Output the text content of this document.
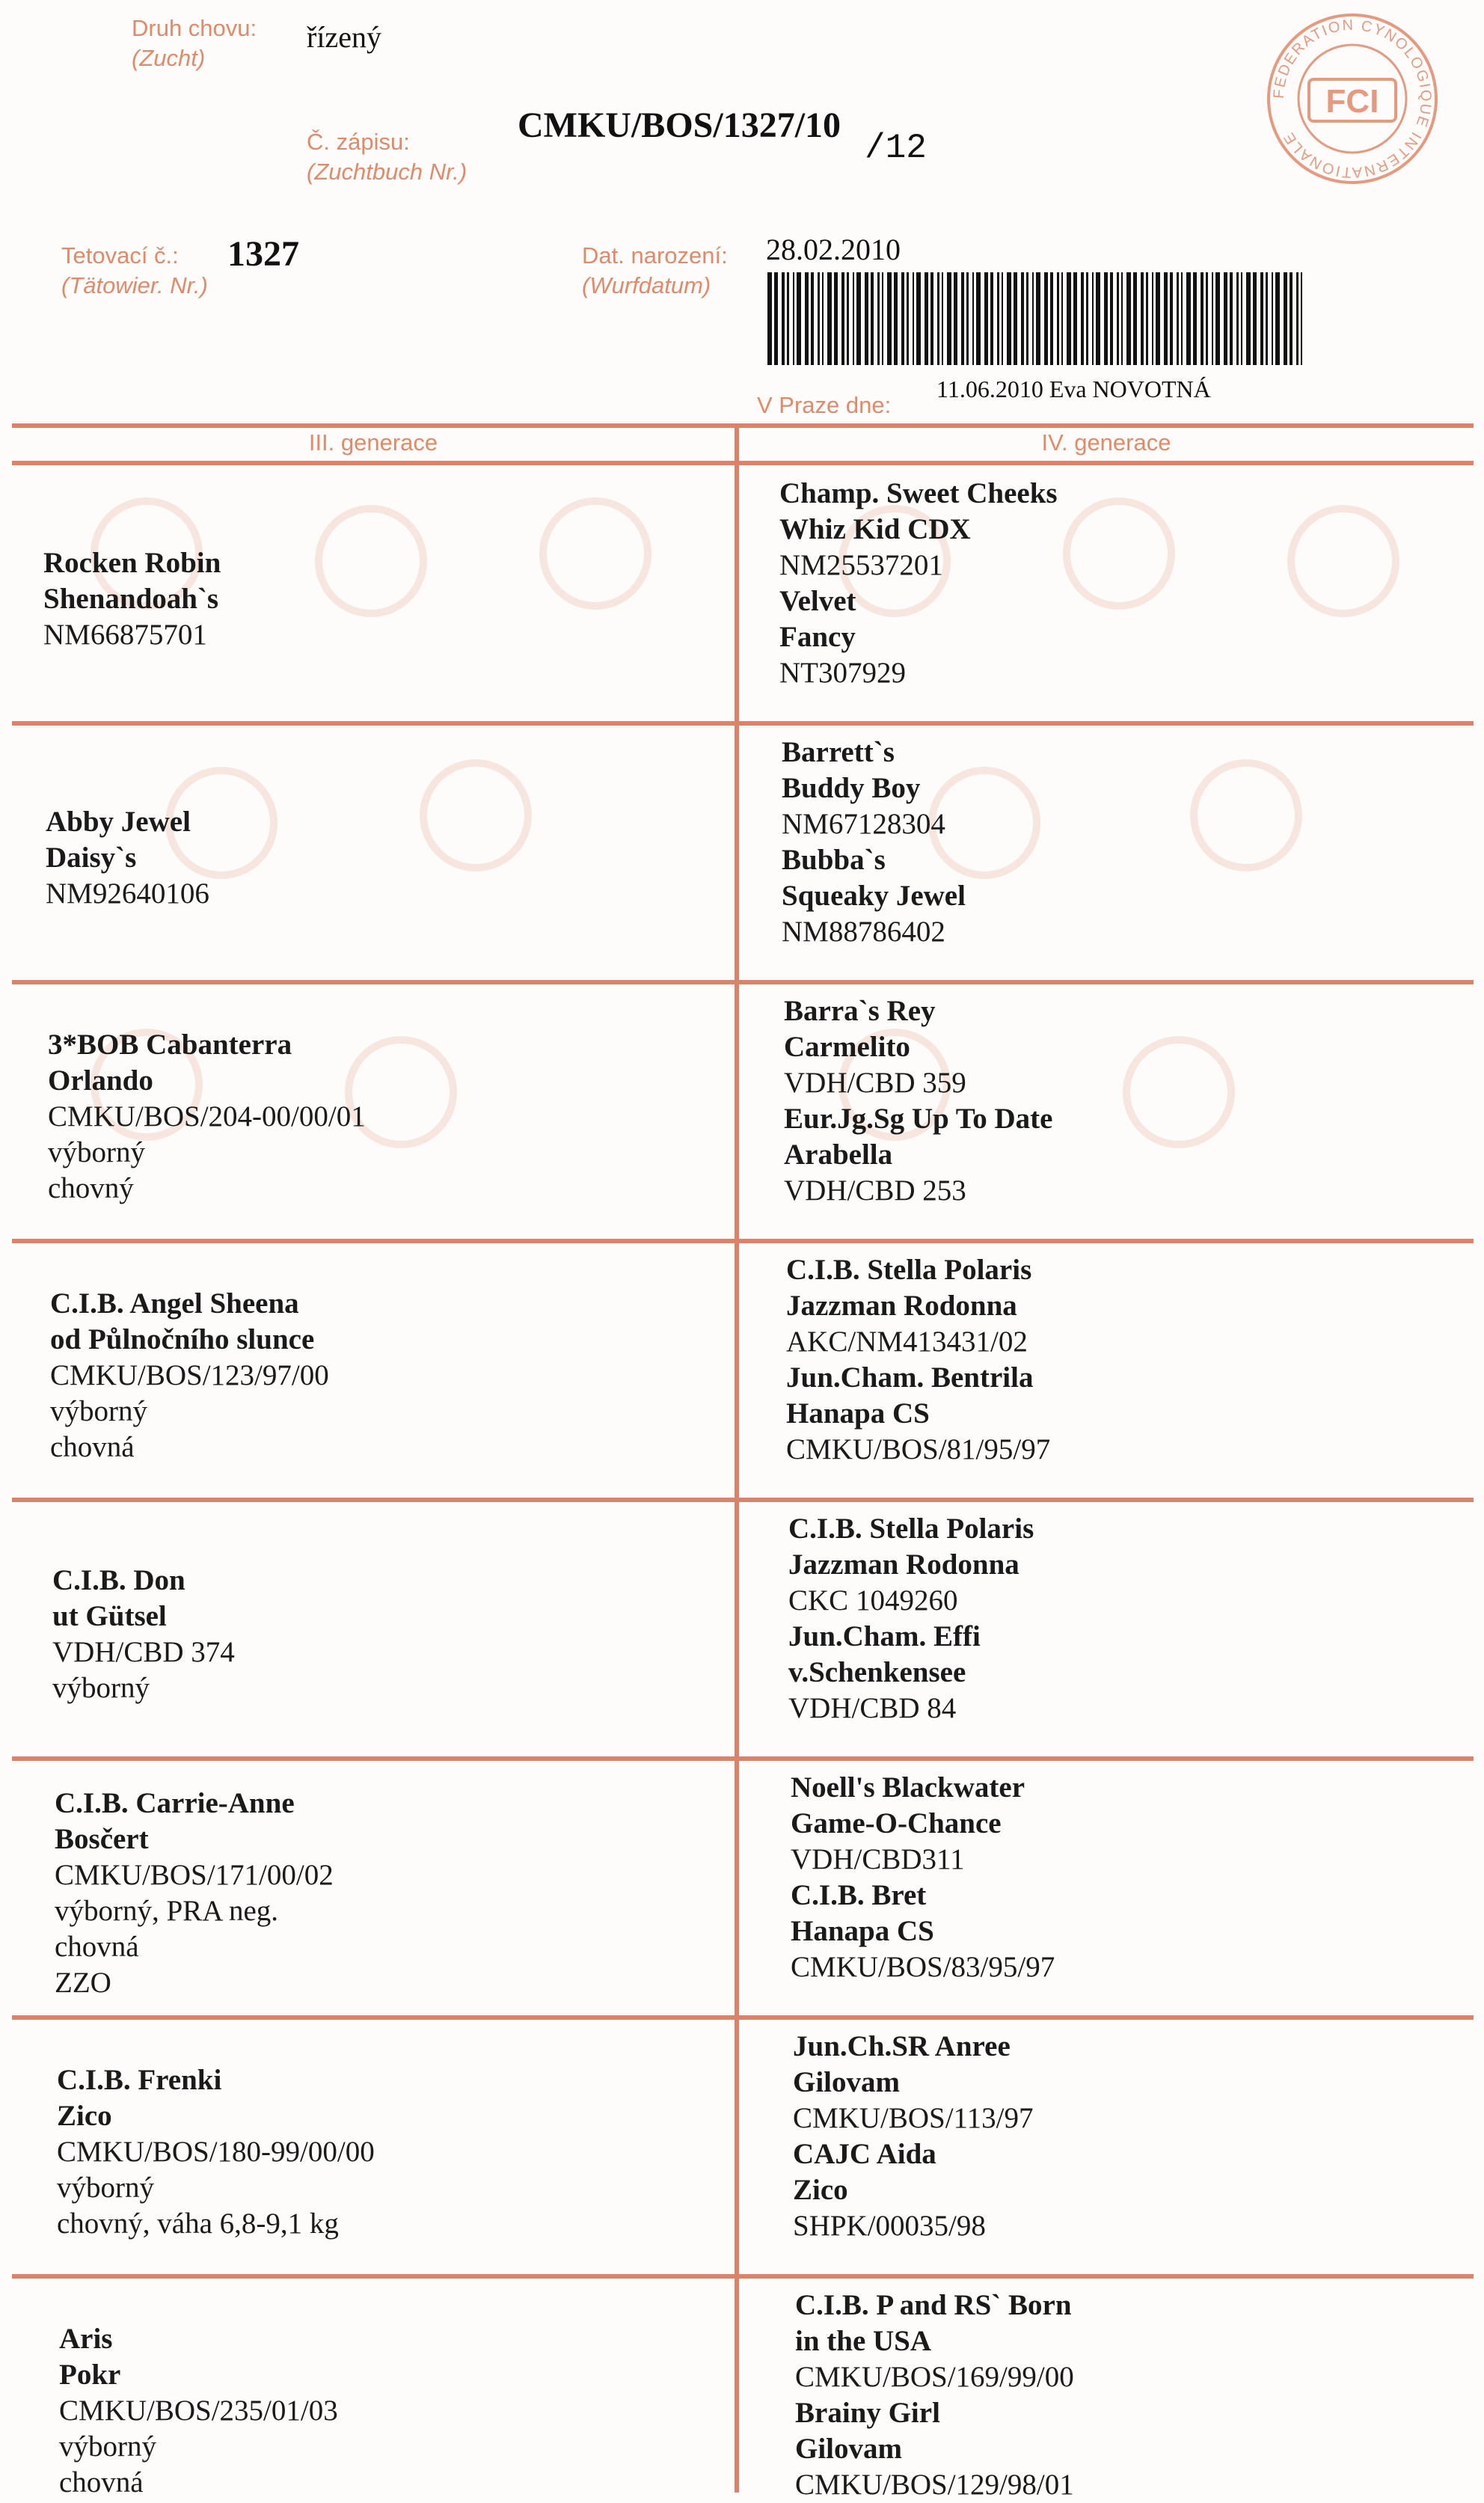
Druh chovu:
(Zucht)
řízený
Č. zápisu:
(Zuchtbuch Nr.)
CMKU/BOS/1327/10
/12
Tetovací č.:
(Tätowier. Nr.)
1327	Dat. narození:
(Wurfdatum)
28.02.2010
V Praze dne:
11.06.2010 Eva NOVOTNÁ
FCI
FEDERATION CYNOLOGIQUE INTERNATIONALE
III. generace	IV. generace
Rocken Robin
Shenandoah`s
NM66875701
Champ. Sweet Cheeks
Whiz Kid CDX
NM25537201
Velvet
Fancy
NT307929
Abby Jewel
Daisy`s
NM92640106
Barrett`s
Buddy Boy
NM67128304
Bubba`s
Squeaky Jewel
NM88786402
3*BOB Cabanterra
Orlando
CMKU/BOS/204-00/00/01
výborný
chovný
Barra`s Rey
Carmelito
VDH/CBD 359
Eur.Jg.Sg Up To Date
Arabella
VDH/CBD 253
C.I.B. Angel Sheena
od Půlnočního slunce
CMKU/BOS/123/97/00
výborný
chovná
C.I.B. Stella Polaris
Jazzman Rodonna
AKC/NM413431/02
Jun.Cham. Bentrila
Hanapa CS
CMKU/BOS/81/95/97
C.I.B. Don
ut Gütsel
VDH/CBD 374
výborný
C.I.B. Stella Polaris
Jazzman Rodonna
CKC 1049260
Jun.Cham. Effi
v.Schenkensee
VDH/CBD 84
C.I.B. Carrie-Anne
Bosčert
CMKU/BOS/171/00/02
výborný, PRA neg.
chovná
ZZO
Noell's Blackwater
Game-O-Chance
VDH/CBD311
C.I.B. Bret
Hanapa CS
CMKU/BOS/83/95/97
C.I.B. Frenki
Zico
CMKU/BOS/180-99/00/00
výborný
chovný, váha 6,8-9,1 kg
Jun.Ch.SR Anree
Gilovam
CMKU/BOS/113/97
CAJC Aida
Zico
SHPK/00035/98
Aris
Pokr
CMKU/BOS/235/01/03
výborný
chovná
C.I.B. P and RS` Born
in the USA
CMKU/BOS/169/99/00
Brainy Girl
Gilovam
CMKU/BOS/129/98/01
